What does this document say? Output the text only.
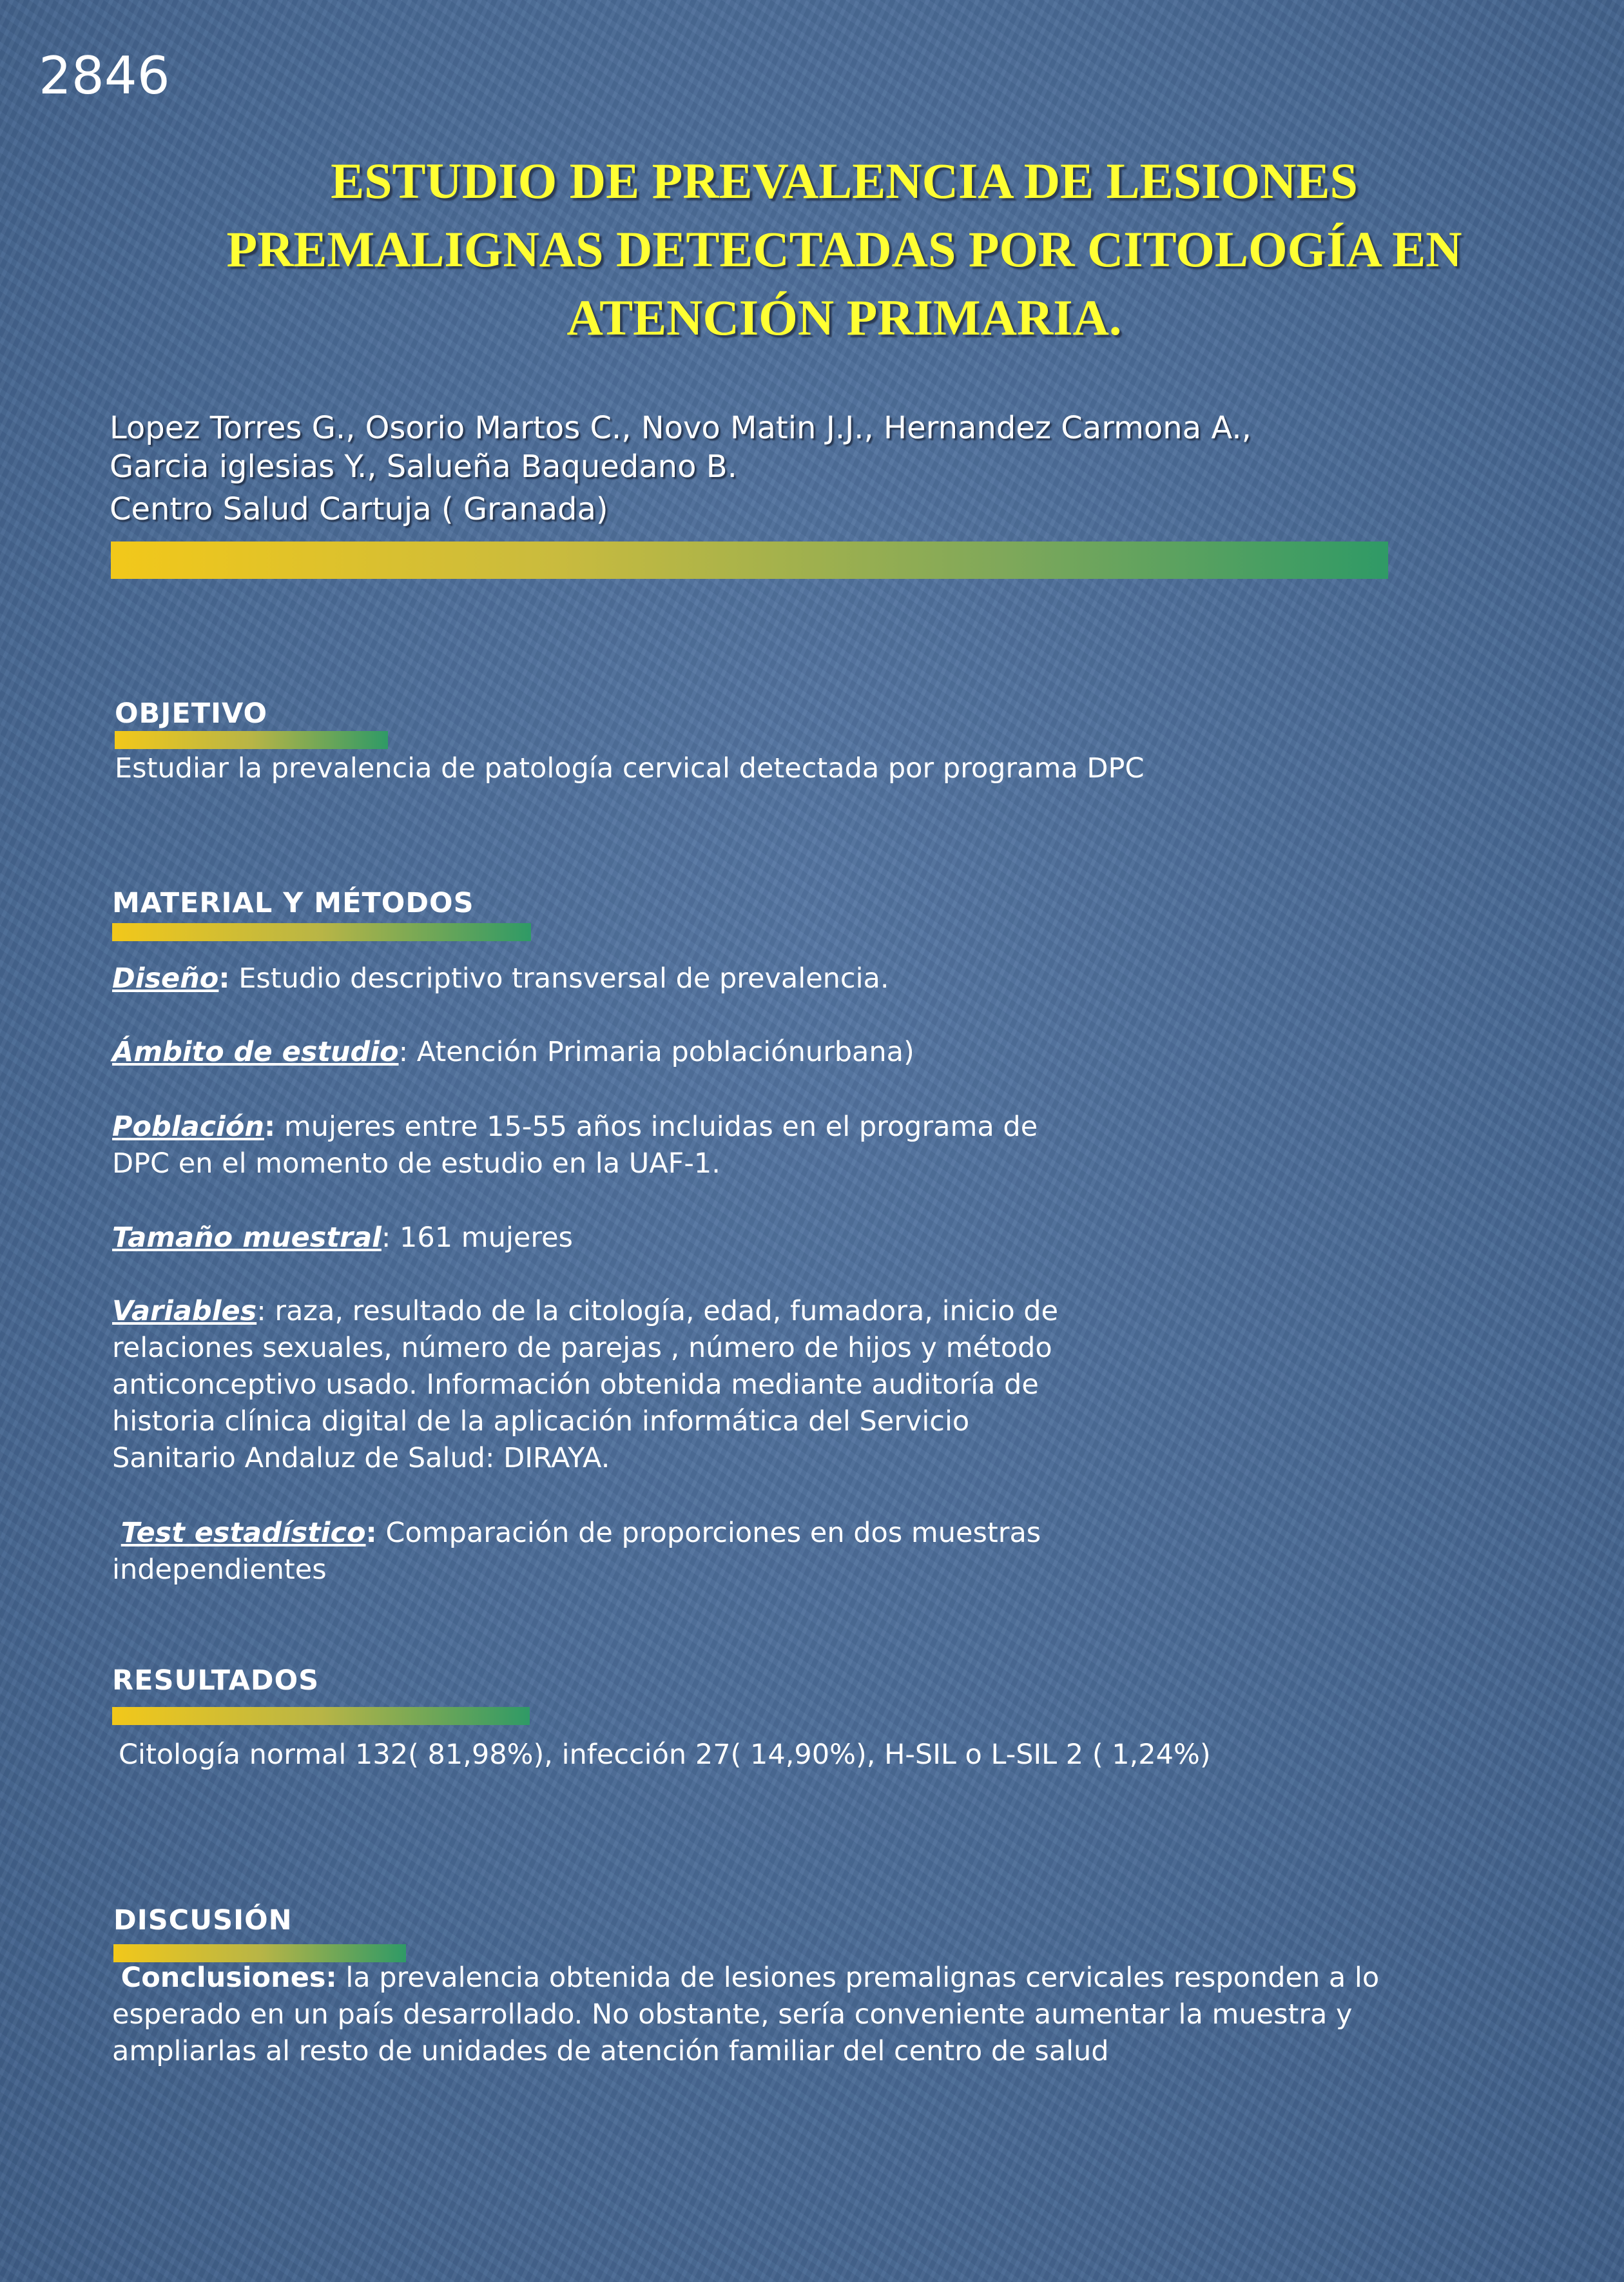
2846
ESTUDIO DE PREVALENCIA DE LESIONES
PREMALIGNAS DETECTADAS POR CITOLOGÍA EN
ATENCIÓN PRIMARIA.
Lopez Torres G., Osorio Martos C., Novo Matin J.J., Hernandez Carmona A.,
Garcia iglesias Y., Salueña Baquedano B.
Centro Salud Cartuja ( Granada)
OBJETIVO
Estudiar la prevalencia de patología cervical detectada por programa DPC
MATERIAL Y MÉTODOS
Diseño: Estudio descriptivo transversal de prevalencia.
Ámbito de estudio: Atención Primaria poblaciónurbana)
Población: mujeres entre 15-55 años incluidas en el programa de
DPC en el momento de estudio en la UAF-1.
Tamaño muestral: 161 mujeres
Variables: raza, resultado de la citología, edad, fumadora, inicio de
relaciones sexuales, número de parejas , número de hijos y método
anticonceptivo usado. Información obtenida mediante auditoría de
historia clínica digital de la aplicación informática del Servicio
Sanitario Andaluz de Salud: DIRAYA.
Test estadístico: Comparación de proporciones en dos muestras
independientes
RESULTADOS
Citología normal 132( 81,98%), infección 27( 14,90%), H-SIL o L-SIL 2 ( 1,24%)
DISCUSIÓN
Conclusiones: la prevalencia obtenida de lesiones premalignas cervicales responden a lo
esperado en un país desarrollado. No obstante, sería conveniente aumentar la muestra y
ampliarlas al resto de unidades de atención familiar del centro de salud
